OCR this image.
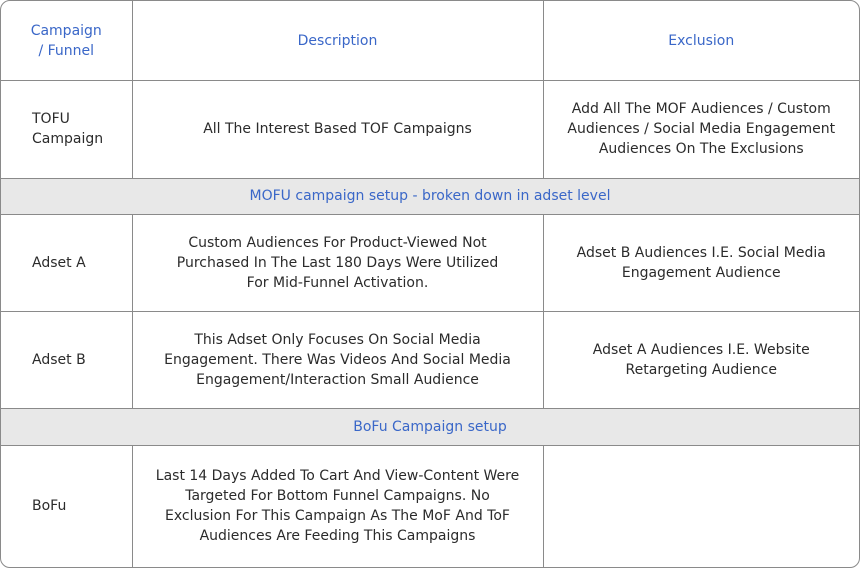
Campaign
/ Funnel	Description	Exclusion

TOFU
Campaign	All The Interest Based TOF Campaigns	Add All The MOF Audiences / Custom
Audiences / Social Media Engagement
Audiences On The Exclusions

MOFU campaign setup - broken down in adset level		
Adset A	Custom Audiences For Product-Viewed Not
Purchased In The Last 180 Days Were Utilized
For Mid-Funnel Activation.	Adset B Audiences I.E. Social Media
Engagement Audience

Adset B	This Adset Only Focuses On Social Media
Engagement. There Was Videos And Social Media
Engagement/Interaction Small Audience	Adset A Audiences I.E. Website
Retargeting Audience

BoFu Campaign setup		
BoFu	Last 14 Days Added To Cart And View-Content Were
Targeted For Bottom Funnel Campaigns. No
Exclusion For This Campaign As The MoF And ToF
Audiences Are Feeding This Campaigns	
